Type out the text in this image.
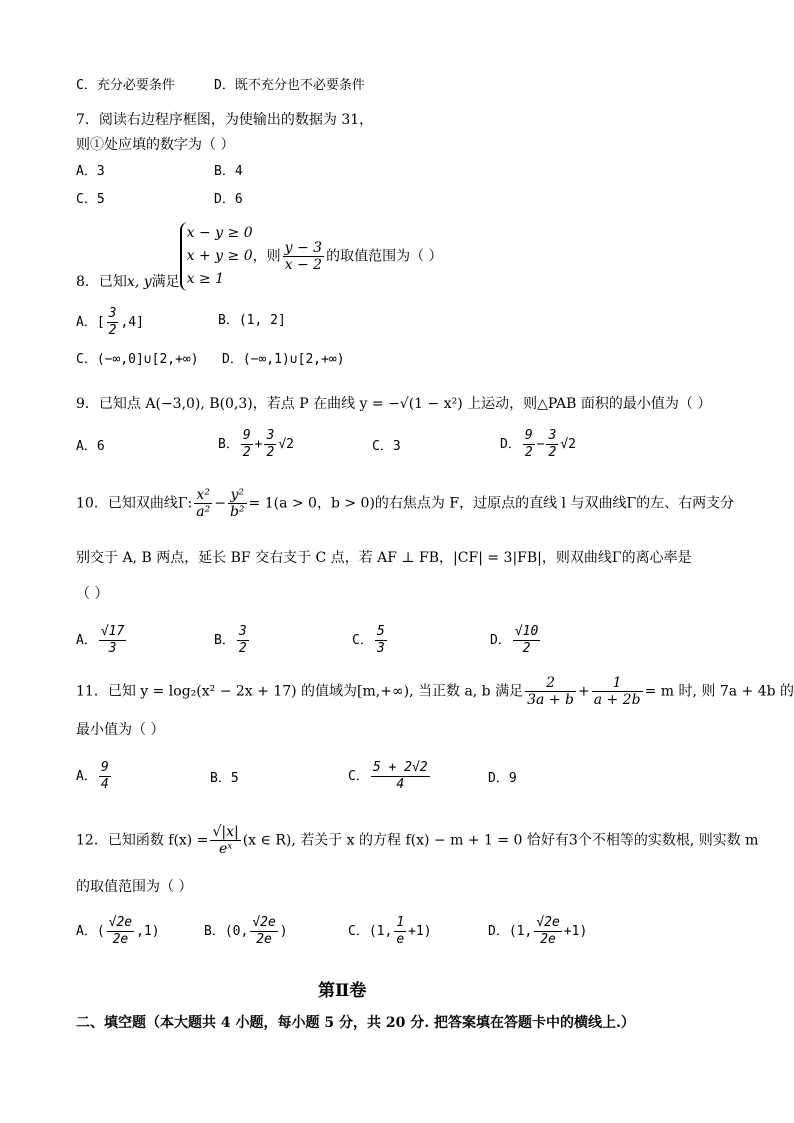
C．充分必要条件	D．既不充分也不必要条件
7．阅读右边程序框图，为使输出的数据为 31，
则①处应填的数字为（ ）
A．3	B．4
C．5	D．6
8．已知x, y满足
x − y ≥ 0
x + y ≥ 0
x ≥ 1
，则 $\frac{y - 3}{x - 2}$ 的取值范围为（ ）
A．[ $\frac{3}{2} ,4$]	B．(1, 2]
C．(−∞,0]∪[2,+∞) D．(−∞,1)∪[2,+∞)
9．已知点 A(−3,0), B(0,3)，若点 P 在曲线 y = −√(1 − x²) 上运动，则△PAB 面积的最小值为（ ）
A．6	B． $\frac{9}{2} + \frac{3}{2} √2$	C．3	D． $\frac{9}{2} - \frac{3}{2} √2$
10．已知双曲线Γ: $\frac{\text{x²}}{\text{a²}} - \frac{\text{y²}}{\text{b²}} = 1(a > 0$，b > 0)的右焦点为 F，过原点的直线 l 与双曲线Γ的左、右两支分
别交于 A, B 两点，延长 BF 交右支于 C 点，若 AF ⊥ FB，|CF| = 3|FB|，则双曲线Γ的离心率是
（ ）
A． $\frac{√17}{3}$	B． $\frac{3}{2}$	C． $\frac{5}{3}$	D． $\frac{√10}{2}$
11．已知 y = log₂(x² − 2x + 17) 的值域为[m,+∞), 当正数 a, b 满足 $\frac{2}{3a + b} + \frac{1}{a + 2b} = m$ 时, 则 7a + 4b 的
最小值为（ ）
A． $\frac{9}{4}$	B．5	C． $\frac{5 + 2√2}{4}$	D．9
12．已知函数 $f(x) = \frac{√|x|}{\text{eˣ}} (x$ ∈ R), 若关于 x 的方程 f(x) − m + 1 = 0 恰好有3个不相等的实数根, 则实数 m
的取值范围为（ ）
A．( $\frac{√2e}{2e} ,1$)	B．(0, $\frac{√2e}{2e}$ )	C．(1, $\frac{1}{e} +1$)	D．(1, $\frac{√2e}{2e} +1$)
第Ⅱ卷
二、填空题（本大题共 4 小题，每小题 5 分，共 20 分. 把答案填在答题卡中的横线上.）
